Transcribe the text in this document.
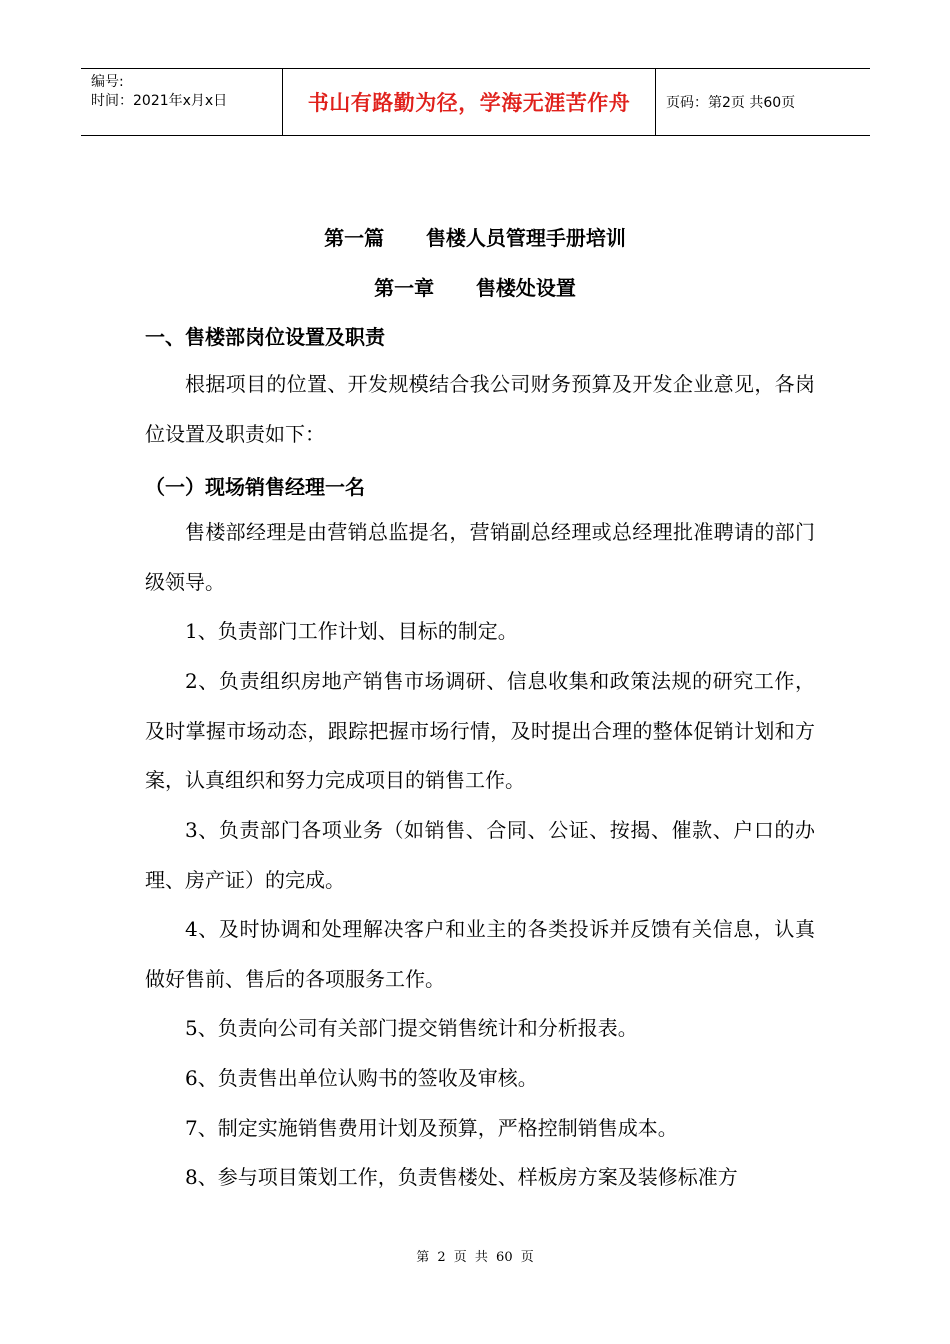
编号:
时间：2021年x月x日	书山有路勤为径，学海无涯苦作舟	页码：第2页 共60页
第一篇      售楼人员管理手册培训
第一章      售楼处设置
一、售楼部岗位设置及职责
根据项目的位置、开发规模结合我公司财务预算及开发企业意见，各岗位设置及职责如下：
（一）现场销售经理一名
售楼部经理是由营销总监提名，营销副总经理或总经理批准聘请的部门级领导。
1、负责部门工作计划、目标的制定。
2、负责组织房地产销售市场调研、信息收集和政策法规的研究工作，及时掌握市场动态，跟踪把握市场行情，及时提出合理的整体促销计划和方案，认真组织和努力完成项目的销售工作。
3、负责部门各项业务（如销售、合同、公证、按揭、催款、户口的办理、房产证）的完成。
4、及时协调和处理解决客户和业主的各类投诉并反馈有关信息，认真做好售前、售后的各项服务工作。
5、负责向公司有关部门提交销售统计和分析报表。
6、负责售出单位认购书的签收及审核。
7、制定实施销售费用计划及预算，严格控制销售成本。
8、参与项目策划工作，负责售楼处、样板房方案及装修标准方
第 2 页 共 60 页
